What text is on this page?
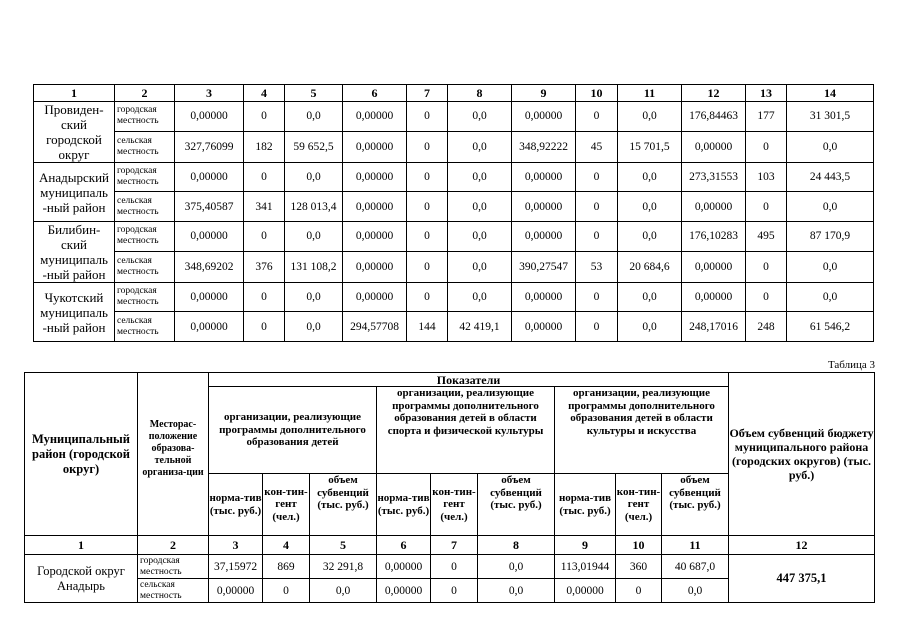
1	2	3	4	5	6	7	8	9	10	11	12	13	14
Провиден-
ский
городской
округ	городская местность	0,00000	0	0,0	0,00000	0	0,0	0,00000	0	0,0	176,84463	177	31 301,5
	сельская местность	327,76099	182	59 652,5	0,00000	0	0,0	348,92222	45	15 701,5	0,00000	0	0,0
Анадырский
муниципаль
-ный район	городская местность	0,00000	0	0,0	0,00000	0	0,0	0,00000	0	0,0	273,31553	103	24 443,5
	сельская местность	375,40587	341	128 013,4	0,00000	0	0,0	0,00000	0	0,0	0,00000	0	0,0
Билибин-
ский
муниципаль
-ный район	городская местность	0,00000	0	0,0	0,00000	0	0,0	0,00000	0	0,0	176,10283	495	87 170,9
	сельская местность	348,69202	376	131 108,2	0,00000	0	0,0	390,27547	53	20 684,6	0,00000	0	0,0
Чукотский
муниципаль
-ный район	городская местность	0,00000	0	0,0	0,00000	0	0,0	0,00000	0	0,0	0,00000	0	0,0
	сельская местность	0,00000	0	0,0	294,57708	144	42 419,1	0,00000	0	0,0	248,17016	248	61 546,2
Таблица 3
Муниципальный район (городской округ)	Месторас-положение образова-тельной организа-ции	Показатели									Объем субвенций бюджету муниципального района (городских округов) (тыс. руб.)
		организации, реализующие программы дополнительного образования детей			организации, реализующие программы дополнительного образования детей в области спорта и физической культуры			организации, реализующие программы дополнительного образования детей в области культуры и искусства			
		норма-тив (тыс. руб.)	кон-тин-гент (чел.)	объем субвенций (тыс. руб.)	норма-тив (тыс. руб.)	кон-тин-гент (чел.)	объем субвенций (тыс. руб.)	норма-тив (тыс. руб.)	кон-тин-гент (чел.)	объем субвенций (тыс. руб.)	
1	2	3	4	5	6	7	8	9	10	11	12
Городской округ Анадырь	городская местность	37,15972	869	32 291,8	0,00000	0	0,0	113,01944	360	40 687,0	447 375,1
	сельская местность	0,00000	0	0,0	0,00000	0	0,0	0,00000	0	0,0	
